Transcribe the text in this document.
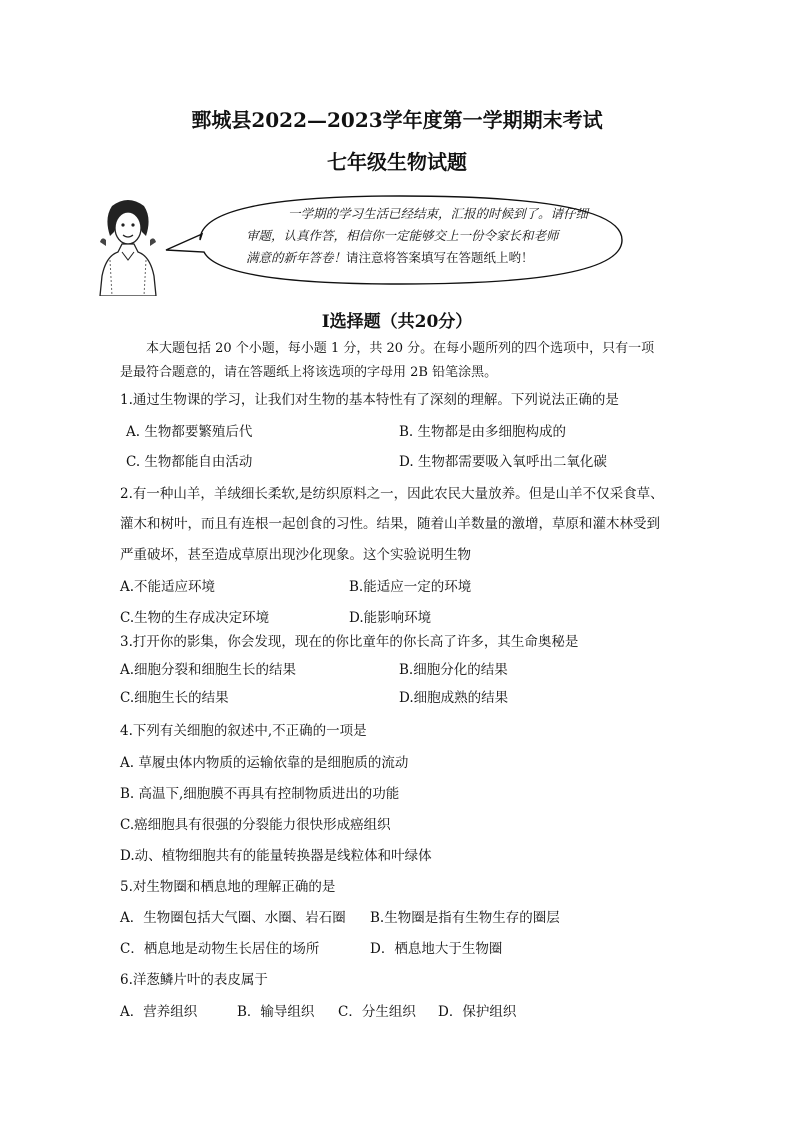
鄄城县2022—2023学年度第一学期期末考试
七年级生物试题
一学期的学习生活已经结束，汇报的时候到了。请仔细
审题，认真作答，相信你一定能够交上一份令家长和老师
满意的新年答卷！请注意将答案填写在答题纸上哟！
I选择题（共20分）
本大题包括 20 个小题，每小题 1 分，共 20 分。在每小题所列的四个选项中，只有一项
是最符合题意的，请在答题纸上将该选项的字母用 2B 铅笔涂黑。
1.通过生物课的学习，让我们对生物的基本特性有了深刻的理解。下列说法正确的是
A. 生物都要繁殖后代	B. 生物都是由多细胞构成的
C. 生物都能自由活动	D. 生物都需要吸入氧呼出二氧化碳
2.有一种山羊，羊绒细长柔软,是纺织原料之一，因此农民大量放养。但是山羊不仅采食草、
灌木和树叶，而且有连根一起创食的习性。结果，随着山羊数量的激增，草原和灌木林受到
严重破坏，甚至造成草原出现沙化现象。这个实验说明生物
A.不能适应环境	B.能适应一定的环境
C.生物的生存成决定环境	D.能影响环境
3.打开你的影集，你会发现，现在的你比童年的你长高了许多，其生命奥秘是
A.细胞分裂和细胞生长的结果	B.细胞分化的结果
C.细胞生长的结果	D.细胞成熟的结果
4.下列有关细胞的叙述中,不正确的一项是
A. 草履虫体内物质的运输依靠的是细胞质的流动
B. 高温下,细胞膜不再具有控制物质进出的功能
C.癌细胞具有很强的分裂能力很快形成癌组织
D.动、植物细胞共有的能量转换器是线粒体和叶绿体
5.对生物圈和栖息地的理解正确的是
A．生物圈包括大气圈、水圈、岩石圈 B.生物圈是指有生物生存的圈层
C．栖息地是动物生长居住的场所	D．栖息地大于生物圈
6.洋葱鳞片叶的表皮属于
A．营养组织	B．输导组织 C．分生组织 D．保护组织
